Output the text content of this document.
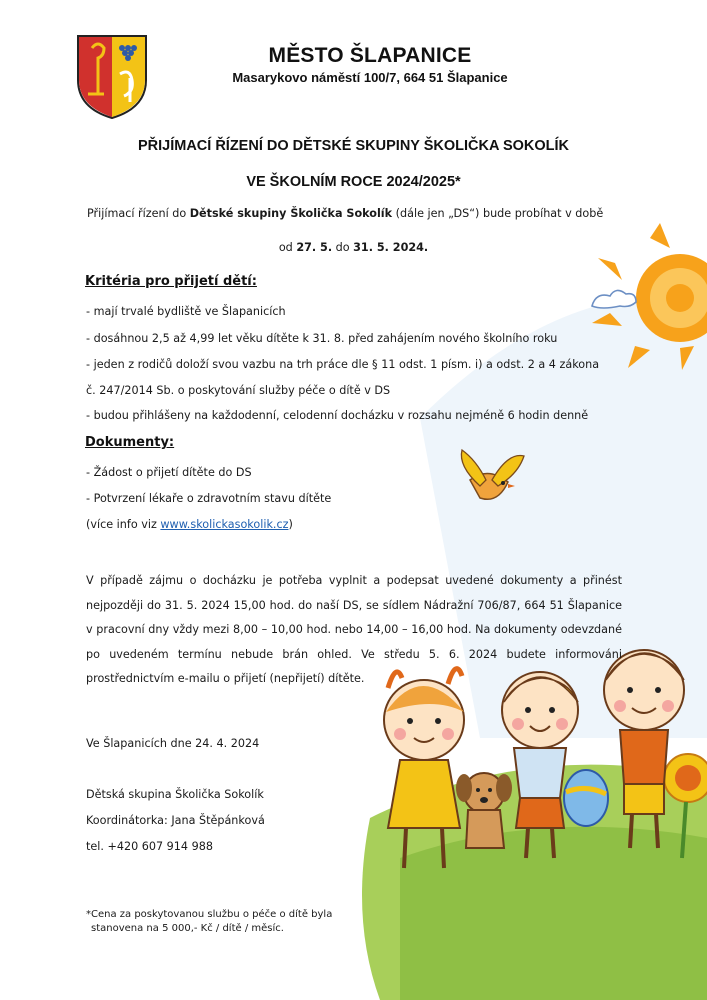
MĚSTO ŠLAPANICE
Masarykovo náměstí 100/7, 664 51 Šlapanice
PŘIJÍMACÍ ŘÍZENÍ DO DĚTSKÉ SKUPINY ŠKOLIČKA SOKOLÍK
VE ŠKOLNÍM ROCE 2024/2025*
Přijímací řízení do Dětské skupiny Školička Sokolík (dále jen „DS“) bude probíhat v době
od 27. 5. do 31. 5. 2024.
Kritéria pro přijetí dětí:
- mají trvalé bydliště ve Šlapanicích
- dosáhnou 2,5 až 4,99 let věku dítěte k 31. 8. před zahájením nového školního roku
- jeden z rodičů doloží svou vazbu na trh práce dle § 11 odst. 1 písm. i) a odst. 2 a 4 zákona
č. 247/2014 Sb. o poskytování služby péče o dítě v DS
- budou přihlášeny na každodenní, celodenní docházku v rozsahu nejméně 6 hodin denně
Dokumenty:
- Žádost o přijetí dítěte do DS
- Potvrzení lékaře o zdravotním stavu dítěte
(více info viz www.skolickasokolik.cz)
V případě zájmu o docházku je potřeba vyplnit a podepsat uvedené dokumenty a přinést nejpozději do 31. 5. 2024 15,00 hod. do naší DS, se sídlem Nádražní 706/87, 664 51 Šlapanice v pracovní dny vždy mezi 8,00 – 10,00 hod. nebo 14,00 – 16,00 hod. Na dokumenty odevzdané po uvedeném termínu nebude brán ohled. Ve středu 5. 6. 2024 budete informováni prostřednictvím e-mailu o přijetí (nepřijetí) dítěte.
Ve Šlapanicích dne 24. 4. 2024
Dětská skupina Školička Sokolík
Koordinátorka: Jana Štěpánková
tel. +420 607 914 988
*Cena za poskytovanou službu o péče o dítě byla
stanovena na 5 000,- Kč / dítě / měsíc.
